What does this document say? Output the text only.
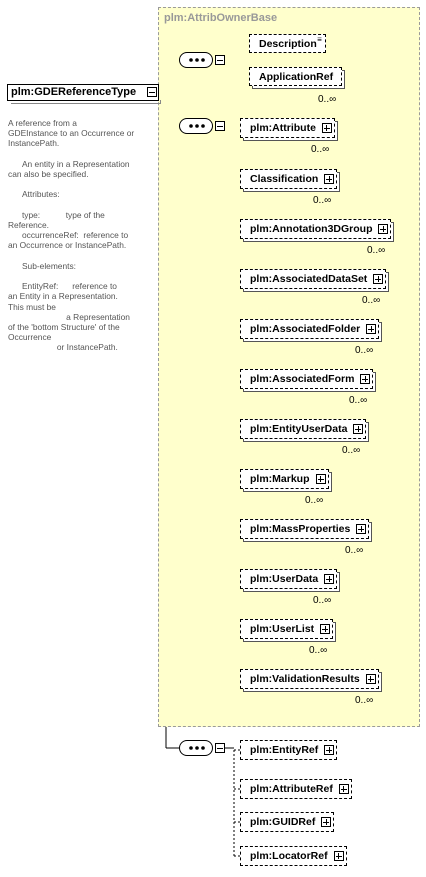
plm:AttribOwnerBase
plm:GDEReferenceType
A reference from a
GDEInstance to an Occurrence or
InstancePath.

An entity in a Representation
can also be specified.

Attributes:

type:           type of the
Reference.
occurrenceRef:  reference to
an Occurrence or InstancePath.

Sub-elements:

EntityRef:      reference to
an Entity in a Representation.
This must be
a Representation
of the 'bottom Structure' of the
Occurrence
or InstancePath.
Description ≡
ApplicationRef
0..∞
plm:Attribute
0..∞
Classification
0..∞
plm:Annotation3DGroup
0..∞
plm:AssociatedDataSet
0..∞
plm:AssociatedFolder
0..∞
plm:AssociatedForm
0..∞
plm:EntityUserData
0..∞
plm:Markup
0..∞
plm:MassProperties
0..∞
plm:UserData
0..∞
plm:UserList
0..∞
plm:ValidationResults
0..∞
plm:EntityRef
plm:AttributeRef
plm:GUIDRef
plm:LocatorRef
